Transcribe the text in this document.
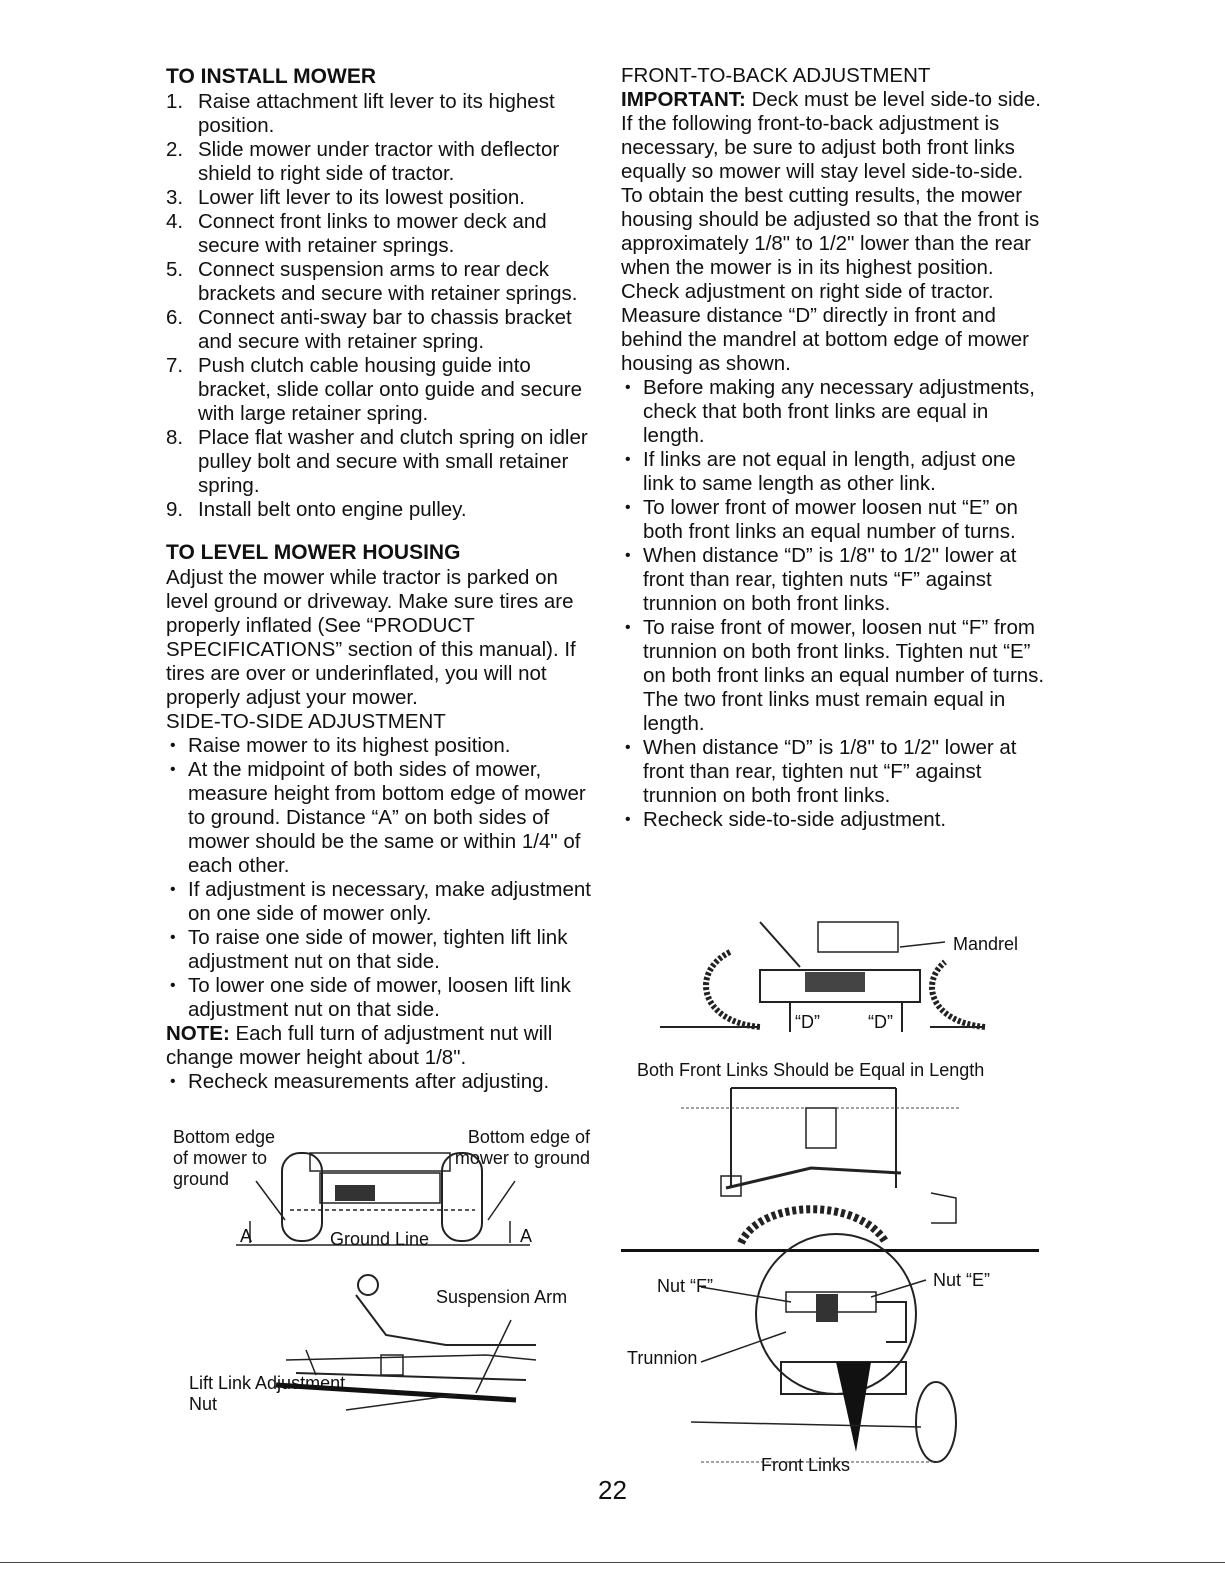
TO INSTALL MOWER
1. Raise attachment lift lever to its highest position.
2. Slide mower under tractor with deflector shield to right side of tractor.
3. Lower lift lever to its lowest position.
4. Connect front links to mower deck and secure with retainer springs.
5. Connect suspension arms to rear deck brackets and secure with retainer springs.
6. Connect anti-sway bar to chassis bracket and secure with retainer spring.
7. Push clutch cable housing guide into bracket, slide collar onto guide and secure with large retainer spring.
8. Place flat washer and clutch spring on idler pulley bolt and secure with small retainer spring.
9. Install belt onto engine pulley.
TO LEVEL MOWER HOUSING

Adjust the mower while tractor is parked on level ground or driveway. Make sure tires are properly inflated (See “PRODUCT SPECIFICATIONS” section of this manual). If tires are over or underinflated, you will not properly adjust your mower.

SIDE-TO-SIDE ADJUSTMENT

• Raise mower to its highest position.
• At the midpoint of both sides of mower, measure height from bottom edge of mower to ground. Distance “A” on both sides of mower should be the same or within 1/4" of each other.
• If adjustment is necessary, make adjustment on one side of mower only.
• To raise one side of mower, tighten lift link adjustment nut on that side.
• To lower one side of mower, loosen lift link adjustment nut on that side.

NOTE: Each full turn of adjustment nut will change mower height about 1/8".

• Recheck measurements after adjusting.
Bottom edge of mower to ground
Bottom edge of mower to ground
A	A
Ground Line
Suspension Arm
Lift Link Adjustment Nut

FRONT-TO-BACK ADJUSTMENT

IMPORTANT: Deck must be level side-to side. If the following front-to-back adjustment is necessary, be sure to adjust both front links equally so mower will stay level side-to-side.

To obtain the best cutting results, the mower housing should be adjusted so that the front is approximately 1/8" to 1/2" lower than the rear when the mower is in its highest position.

Check adjustment on right side of tractor. Measure distance “D” directly in front and behind the mandrel at bottom edge of mower housing as shown.

• Before making any necessary adjustments, check that both front links are equal in length.
• If links are not equal in length, adjust one link to same length as other link.
• To lower front of mower loosen nut “E” on both front links an equal number of turns.
• When distance “D” is 1/8" to 1/2" lower at front than rear, tighten nuts “F” against trunnion on both front links.
• To raise front of mower, loosen nut “F” from trunnion on both front links. Tighten nut “E” on both front links an equal number of turns. The two front links must remain equal in length.
• When distance “D” is 1/8" to 1/2" lower at front than rear, tighten nut “F” against trunnion on both front links.
• Recheck side-to-side adjustment.
Mandrel
“D”	“D”
Both Front Links Should be Equal in Length
Nut “F”	Nut “E”
Trunnion
Front Links
22
